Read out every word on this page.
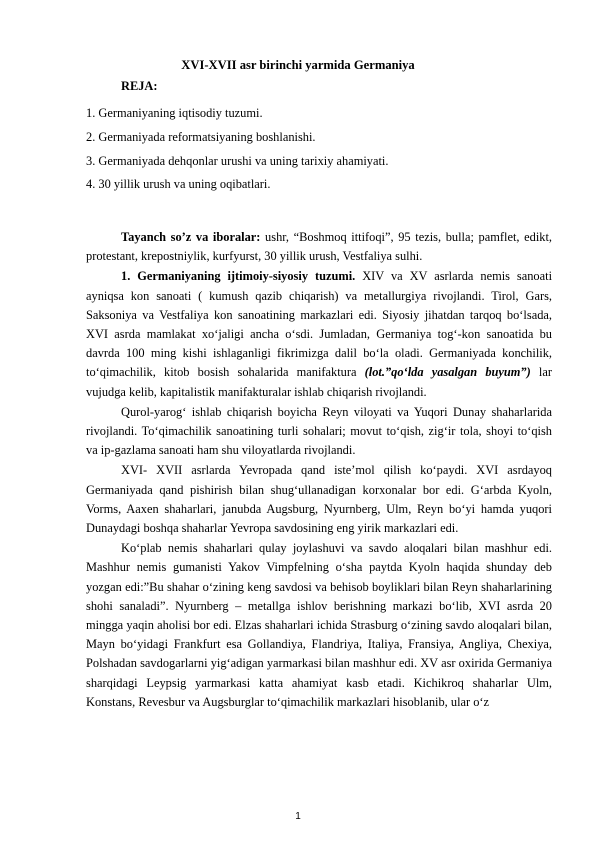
XVI-XVII asr birinchi yarmida Germaniya
REJA:
1. Germaniyaning iqtisodiy tuzumi.
2. Germaniyada reformatsiyaning boshlanishi.
3. Germaniyada dehqonlar urushi va uning tarixiy ahamiyati.
4. 30 yillik urush va uning oqibatlari.

Tayanch so’z va iboralar: ushr, “Boshmoq ittifoqi”, 95 tezis, bulla; pamflet, edikt, protestant, krepostniylik, kurfyurst, 30 yillik urush, Vestfaliya sulhi.

1. Germaniyaning ijtimoiy-siyosiy tuzumi. XIV va XV asrlarda nemis sanoati ayniqsa kon sanoati ( kumush qazib chiqarish) va metallurgiya rivojlandi. Tirol, Gars, Saksoniya va Vestfaliya kon sanoatining markazlari edi. Siyosiy jihatdan tarqoq bo‘lsada, XVI asrda mamlakat xo‘jaligi ancha o‘sdi. Jumladan, Germaniya tog‘-kon sanoatida bu davrda 100 ming kishi ishlaganligi fikrimizga dalil bo‘la oladi. Germaniyada konchilik, to‘qimachilik, kitob bosish sohalarida manifaktura (lot.”qo‘lda yasalgan buyum”) lar vujudga kelib, kapitalistik manifakturalar ishlab chiqarish rivojlandi.

Qurol-yarog‘ ishlab chiqarish boyicha Reyn viloyati va Yuqori Dunay shaharlarida rivojlandi. To‘qimachilik sanoatining turli sohalari; movut to‘qish, zig‘ir tola, shoyi to‘qish va ip-gazlama sanoati ham shu viloyatlarda rivojlandi.

XVI- XVII asrlarda Yevropada qand iste’mol qilish ko‘paydi. XVI asrdayoq Germaniyada qand pishirish bilan shug‘ullanadigan korxonalar bor edi. G‘arbda Kyoln, Vorms, Aaxen shaharlari, janubda Augsburg, Nyurnberg, Ulm, Reyn bo‘yi hamda yuqori Dunaydagi boshqa shaharlar Yevropa savdosining eng yirik markazlari edi.

Ko‘plab nemis shaharlari qulay joylashuvi va savdo aloqalari bilan mashhur edi. Mashhur nemis gumanisti Yakov Vimpfelning o‘sha paytda Kyoln haqida shunday deb yozgan edi:”Bu shahar o‘zining keng savdosi va behisob boyliklari bilan Reyn shaharlarining shohi sanaladi”. Nyurnberg – metallga ishlov berishning markazi bo‘lib, XVI asrda 20 mingga yaqin aholisi bor edi. Elzas shaharlari ichida Strasburg o‘zining savdo aloqalari bilan, Mayn bo‘yidagi Frankfurt esa Gollandiya, Flandriya, Italiya, Fransiya, Angliya, Chexiya, Polshadan savdogarlarni yig‘adigan yarmarkasi bilan mashhur edi. XV asr oxirida Germaniya sharqidagi Leypsig yarmarkasi katta ahamiyat kasb etadi. Kichikroq shaharlar Ulm, Konstans, Revesbur va Augsburglar to‘qimachilik markazlari hisoblanib, ular o‘z

1
